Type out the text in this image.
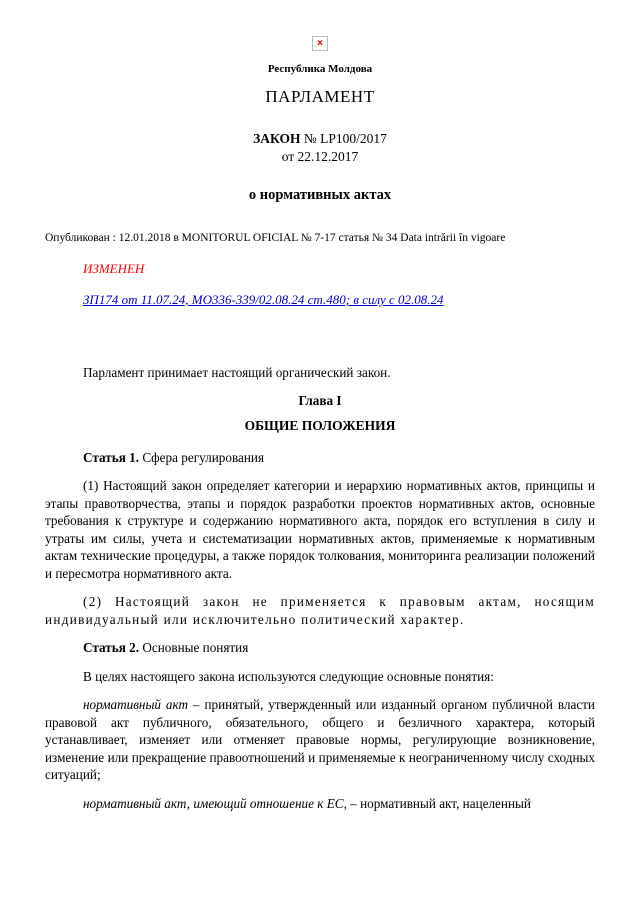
×
Республика Молдова
ПАРЛАМЕНТ
ЗАКОН № LP100/2017
от 22.12.2017
о нормативных актах

Опубликован : 12.01.2018 в MONITORUL OFICIAL № 7-17 статья № 34 Data intrării în vigoare

ИЗМЕНЕН

ЗП174 от 11.07.24, MO336-339/02.08.24 ст.480; в силу с 02.08.24

Парламент принимает настоящий органический закон.

Глава I

ОБЩИЕ ПОЛОЖЕНИЯ

Статья 1. Сфера регулирования

(1) Настоящий закон определяет категории и иерархию нормативных актов, принципы и этапы правотворчества, этапы и порядок разработки проектов нормативных актов, основные требования к структуре и содержанию нормативного акта, порядок его вступления в силу и утраты им силы, учета и систематизации нормативных актов, применяемые к нормативным актам технические процедуры, а также порядок толкования, мониторинга реализации положений и пересмотра нормативного акта.

(2) Настоящий закон не применяется к правовым актам, носящим индивидуальный или исключительно политический характер.

Статья 2. Основные понятия

В целях настоящего закона используются следующие основные понятия:

нормативный акт – принятый, утвержденный или изданный органом публичной власти правовой акт публичного, обязательного, общего и безличного характера, который устанавливает, изменяет или отменяет правовые нормы, регулирующие возникновение, изменение или прекращение правоотношений и применяемые к неограниченному числу сходных ситуаций;

нормативный акт, имеющий отношение к ЕС, – нормативный акт, нацеленный
